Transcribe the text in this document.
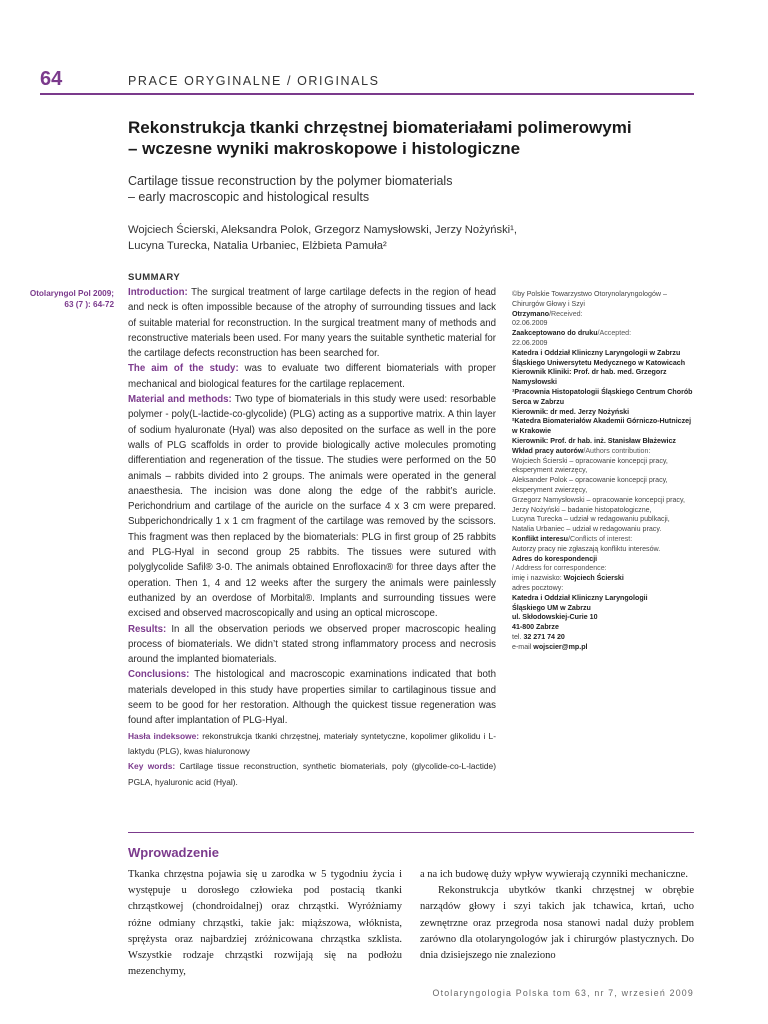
64	PRACE ORYGINALNE / ORIGINALS
Rekonstrukcja tkanki chrzęstnej biomateriałami polimerowymi
– wczesne wyniki makroskopowe i histologiczne
Cartilage tissue reconstruction by the polymer biomaterials
– early macroscopic and histological results
Wojciech Ścierski, Aleksandra Polok, Grzegorz Namysłowski, Jerzy Nożyński¹,
Lucyna Turecka, Natalia Urbaniec, Elżbieta Pamuła²
Otolaryngol Pol 2009;
63 (7 ): 64-72
SUMMARY

Introduction: The surgical treatment of large cartilage defects in the region of head and neck is often impossible because of the atrophy of surrounding tissues and lack of suitable material for reconstruction. In the surgical treatment many of methods and reconstructive materials been used. For many years the suitable synthetic material for the cartilage defects reconstruction has been searched for.

The aim of the study: was to evaluate two different biomaterials with proper mechanical and biological features for the cartilage replacement.

Material and methods: Two type of biomaterials in this study were used: resorbable polymer - poly(L-lactide-co-glycolide) (PLG) acting as a supportive matrix. A thin layer of sodium hyaluronate (Hyal) was also deposited on the surface as well in the pore walls of PLG scaffolds in order to provide biologically active molecules promoting differentiation and regeneration of the tissue. The studies were performed on the 50 animals – rabbits divided into 2 groups. The animals were operated in the general anaesthesia. The incision was done along the edge of the rabbit’s auricle. Perichondrium and cartilage of the auricle on the surface 4 x 3 cm were prepared. Subperichondrically 1 x 1 cm fragment of the cartilage was removed by the scissors. This fragment was then replaced by the biomaterials: PLG in first group of 25 rabbits and PLG-Hyal in second group 25 rabbits. The tissues were sutured with polyglycolide Safil® 3-0. The animals obtained Enrofloxacin® for three days after the operation. Then 1, 4 and 12 weeks after the surgery the animals were painlessly euthanized by an overdose of Morbital®. Implants and surrounding tissues were excised and observed macroscopically and using an optical microscope.

Results: In all the observation periods we observed proper macroscopic healing process of biomaterials. We didn’t stated strong inflammatory process and necrosis around the implanted biomaterials.

Conclusions: The histological and macroscopic examinations indicated that both materials developed in this study have properties similar to cartilaginous tissue and seem to be good for her restoration. Although the quickest tissue regeneration was found after implantation of PLG-Hyal.

Hasła indeksowe: rekonstrukcja tkanki chrzęstnej, materiały syntetyczne, kopolimer glikolidu i L-laktydu (PLG), kwas hialuronowy

Key words: Cartilage tissue reconstruction, synthetic biomaterials, poly (glycolide-co-L-lactide) PGLA, hyaluronic acid (Hyal).

©by Polskie Towarzystwo Otorynolaryngologów – Chirurgów Głowy i Szyi
Otrzymano/Received:
02.06.2009
Zaakceptowano do druku/Accepted:
22.06.2009
Katedra i Oddział Kliniczny Laryngologii w Zabrzu Śląskiego Uniwersytetu Medycznego w Katowicach
Kierownik Kliniki: Prof. dr hab. med. Grzegorz Namysłowski
¹Pracownia Histopatologii Śląskiego Centrum Chorób Serca w Zabrzu
Kierownik: dr med. Jerzy Nożyński
²Katedra Biomateriałów Akademii Górniczo-Hutniczej w Krakowie
Kierownik: Prof. dr hab. inż. Stanisław Błażewicz
Wkład pracy autorów/Authors contribution:
Wojciech Ścierski – opracowanie koncepcji pracy, eksperyment zwierzęcy,
Aleksander Polok – opracowanie koncepcji pracy, eksperyment zwierzęcy,
Grzegorz Namysłowski – opracowanie koncepcji pracy,
Jerzy Nożyński – badanie histopatologiczne,
Lucyna Turecka – udział w redagowaniu publkacji,
Natalia Urbaniec – udział w redagowaniu pracy.
Konflikt interesu/Conflicts of interest:
Autorzy pracy nie zgłaszają konfliktu interesów.
Adres do korespondencji
/ Address for correspondence:
imię i nazwisko: Wojciech Ścierski
adres pocztowy:
Katedra i Oddział Kliniczny Laryngologii
Śląskiego UM w Zabrzu
ul. Skłodowskiej-Curie 10
41-800 Zabrze
tel. 32 271 74 20
e-mail wojscier@mp.pl
Wprowadzenie

Tkanka chrzęstna pojawia się u zarodka w 5 tygodniu życia i występuje u dorosłego człowieka pod postacią tkanki chrząstkowej (chondroidalnej) oraz chrząstki. Wyróżniamy różne odmiany chrząstki, takie jak: miąższowa, włóknista, sprężysta oraz najbardziej zróżnicowana chrząstka szklista. Wszystkie rodzaje chrząstki rozwijają się na podłożu mezenchymy,

a na ich budowę duży wpływ wywierają czynniki mechaniczne.

Rekonstrukcja ubytków tkanki chrzęstnej w obrębie narządów głowy i szyi takich jak tchawica, krtań, ucho zewnętrzne oraz przegroda nosa stanowi nadal duży problem zarówno dla otolaryngologów jak i chirurgów plastycznych. Do dnia dzisiejszego nie znaleziono

Otolaryngologia Polska tom 63, nr 7, wrzesień 2009
